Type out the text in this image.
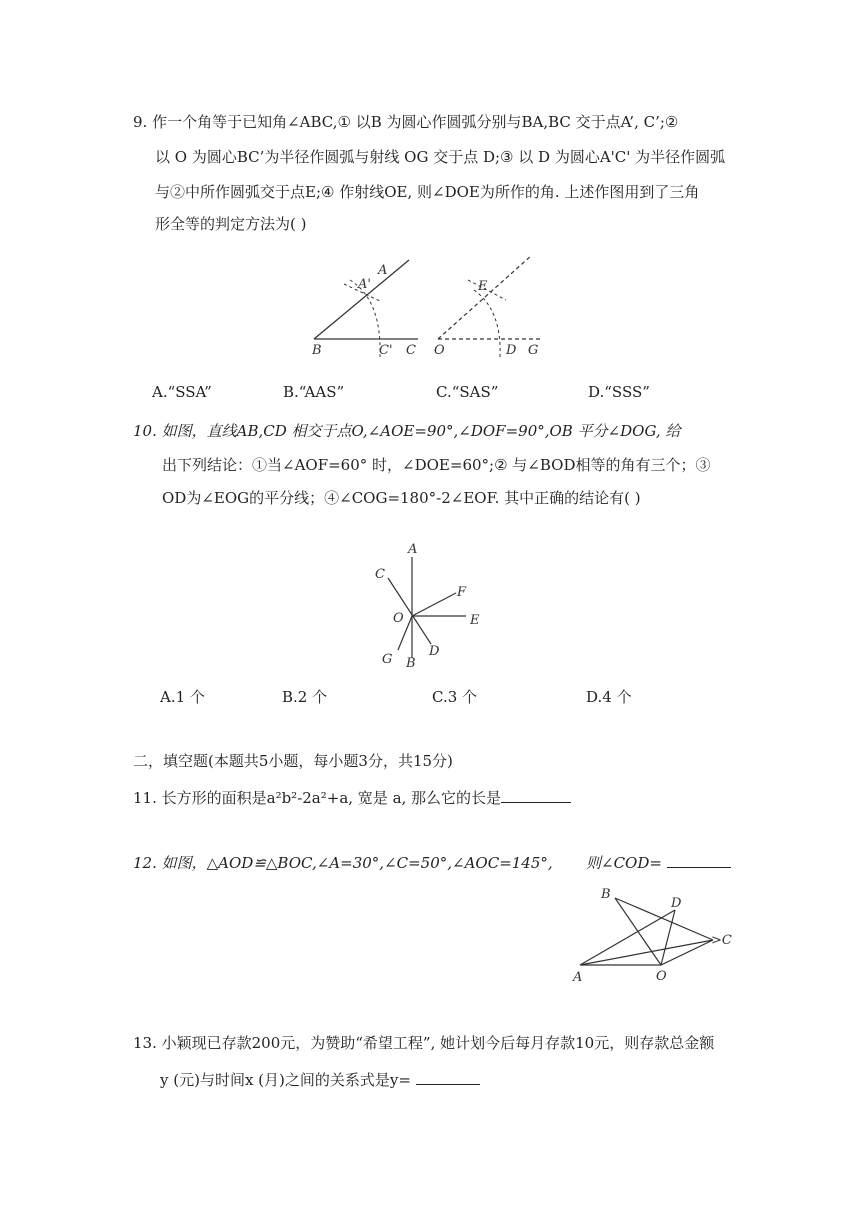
9. 作一个角等于已知角∠ABC,① 以B 为圆心作圆弧分别与BA,BC 交于点A’, C’;②
以 O 为圆心BC’为半径作圆弧与射线 OG 交于点 D;③ 以 D 为圆心A'C' 为半径作圆弧
与②中所作圆弧交于点E;④ 作射线OE, 则∠DOE为所作的角. 上述作图用到了三角
形全等的判定方法为( )
A
A'
B	C' C
E
O	D G
A.“SSA”	B.“AAS”	C.“SAS”	D.“SSS”
10. 如图，直线AB,CD 相交于点O,∠AOE=90°,∠DOF=90°,OB 平分∠DOG, 给
出下列结论：①当∠AOF=60° 时，∠DOE=60°;② 与∠BOD相等的角有三个；③
OD为∠EOG的平分线；④∠COG=180°-2∠EOF. 其中正确的结论有( )
A
C
F
O	E
G B
D
A.1 个	B.2 个	C.3 个	D.4 个
二，填空题(本题共5小题，每小题3分，共15分)
11. 长方形的面积是a²b²-2a²+a, 宽是 a, 那么它的长是
12. 如图，△AOD≌△BOC,∠A=30°,∠C=50°,∠AOC=145°, 则∠COD=
B
D
>C
A	O
13. 小颖现已存款200元，为赞助“希望工程”, 她计划今后每月存款10元，则存款总金额
y (元)与时间x (月)之间的关系式是y=
